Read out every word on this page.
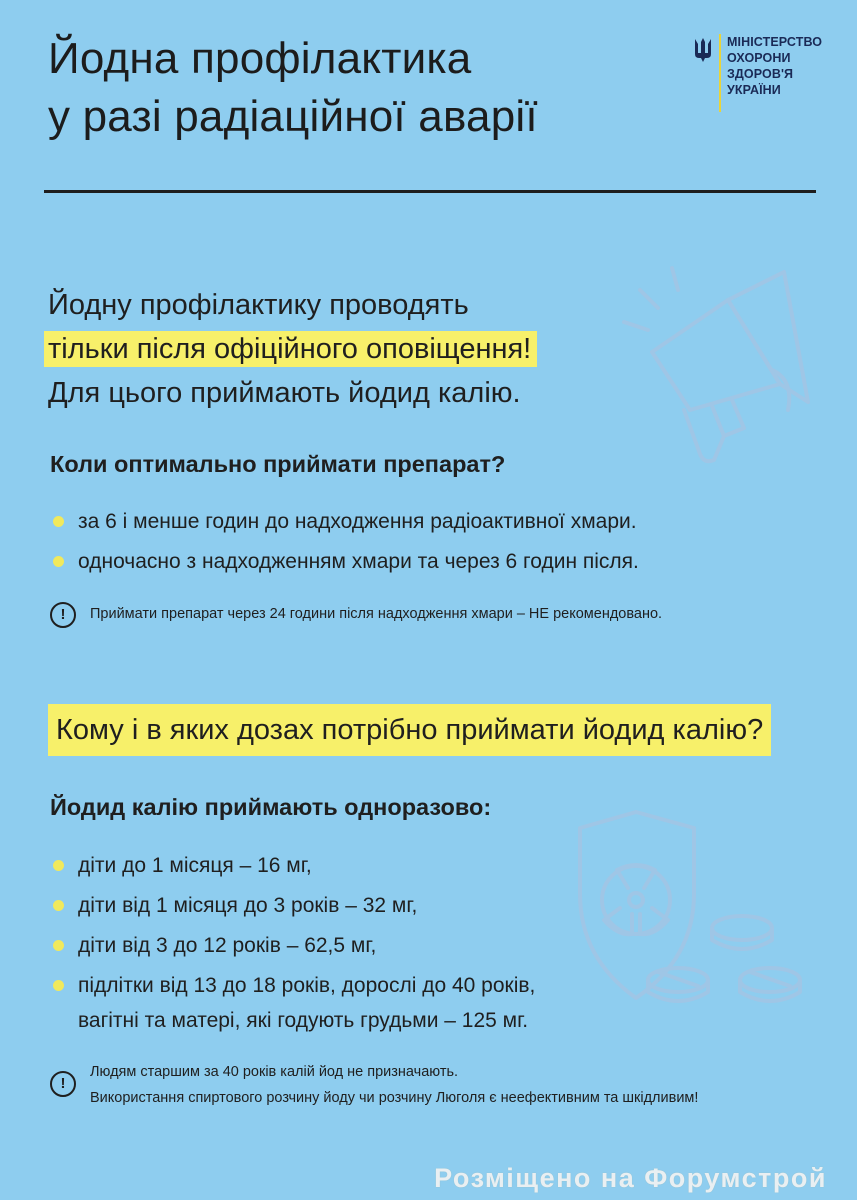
Йодна профілактика
у разі радіаційної аварії
МІНІСТЕРСТВО
ОХОРОНИ
ЗДОРОВ'Я
УКРАЇНИ
Йодну профілактику проводять
тільки після офіційного оповіщення!
Для цього приймають йодид калію.
Коли оптимально приймати препарат?
за 6 і менше годин до надходження радіоактивної хмари.
одночасно з надходженням хмари та через 6 годин після.
!	Приймати препарат через 24 години після надходження хмари – НЕ рекомендовано.
Кому і в яких дозах потрібно приймати йодид калію?
Йодид калію приймають одноразово:
діти до 1 місяця – 16 мг,
діти від 1 місяця до 3 років – 32 мг,
діти від 3 до 12 років – 62,5 мг,
підлітки від 13 до 18 років, дорослі до 40 років,
вагітні та матері, які годують грудьми – 125 мг.
!
Людям старшим за 40 років калій йод не призначають.
Використання спиртового розчину йоду чи розчину Люголя є неефективним та шкідливим!
Розміщено на Форумстрой
